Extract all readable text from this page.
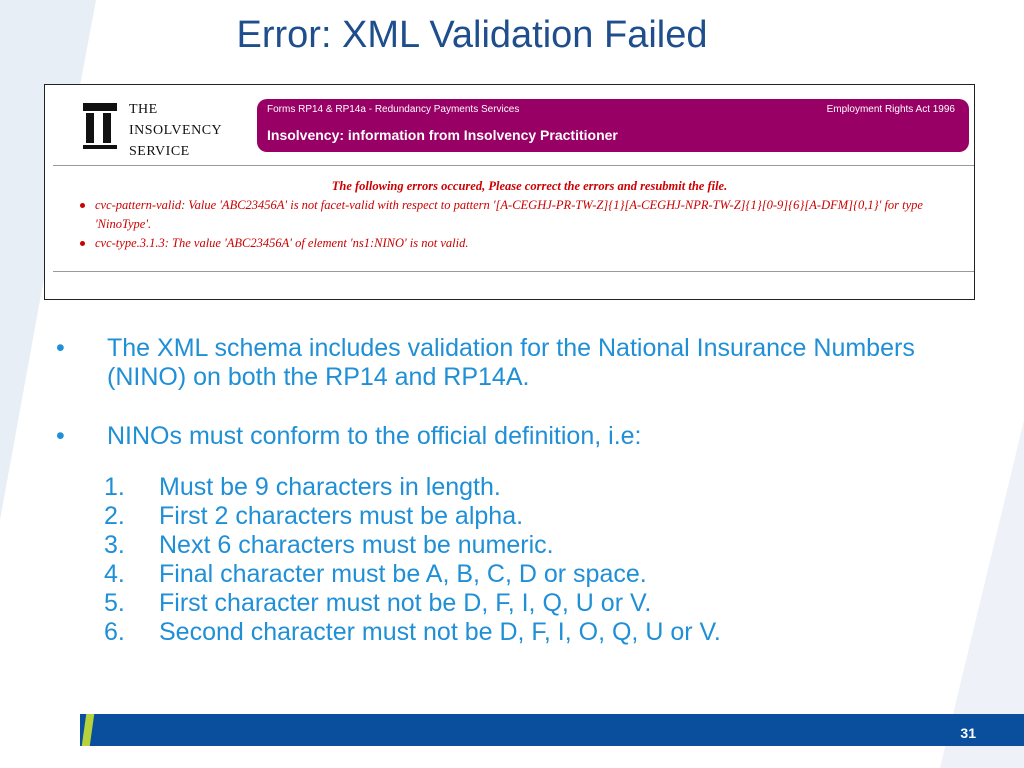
Error: XML Validation Failed
THE
INSOLVENCY
SERVICE
Forms RP14 & RP14a - Redundancy Payments Services	Employment Rights Act 1996
Insolvency: information from Insolvency Practitioner
The following errors occured, Please correct the errors and resubmit the file.
cvc-pattern-valid: Value 'ABC23456A' is not facet-valid with respect to pattern '[A-CEGHJ-PR-TW-Z]{1}[A-CEGHJ-NPR-TW-Z]{1}[0-9]{6}[A-DFM]{0,1}' for type 'NinoType'.
cvc-type.3.1.3: The value 'ABC23456A' of element 'ns1:NINO' is not valid.
• The XML schema includes validation for the National Insurance Numbers (NINO) on both the RP14 and RP14A.
• NINOs must conform to the official definition, i.e:
1. Must be 9 characters in length.
2. First 2 characters must be alpha.
3. Next 6 characters must be numeric.
4. Final character must be A, B, C, D or space.
5. First character must not be D, F, I, Q, U or V.
6. Second character must not be D, F, I, O, Q, U or V.
31
